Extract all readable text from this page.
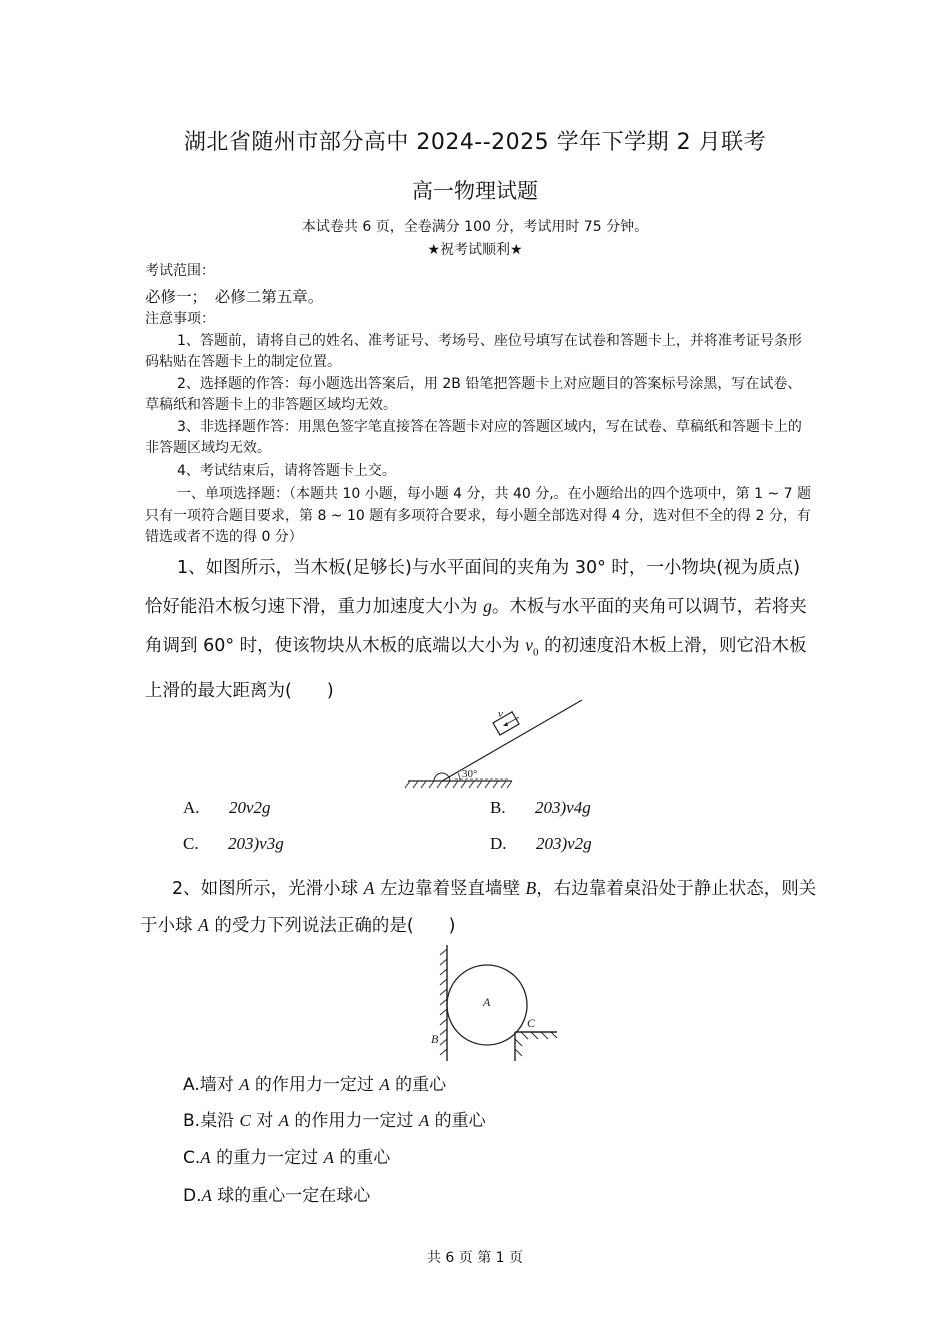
湖北省随州市部分高中 2024--2025 学年下学期 2 月联考
高一物理试题
本试卷共 6 页，全卷满分 100 分，考试用时 75 分钟。
★祝考试顺利★
考试范围：
必修一；　必修二第五章。
注意事项：
1、答题前，请将自己的姓名、准考证号、考场号、座位号填写在试卷和答题卡上，并将准考证号条形码粘贴在答题卡上的制定位置。
2、选择题的作答：每小题选出答案后，用 2B 铅笔把答题卡上对应题目的答案标号涂黑，写在试卷、草稿纸和答题卡上的非答题区域均无效。
3、非选择题作答：用黑色签字笔直接答在答题卡对应的答题区域内，写在试卷、草稿纸和答题卡上的非答题区域均无效。
4、考试结束后，请将答题卡上交。
一、单项选择题：（本题共 10 小题，每小题 4 分，共 40 分,。在小题给出的四个选项中，第 1 ~ 7 题只有一项符合题目要求，第 8 ~ 10 题有多项符合要求，每小题全部选对得 4 分，选对但不全的得 2 分，有错选或者不选的得 0 分）
1、如图所示，当木板(足够长)与水平面间的夹角为 30° 时，一小物块(视为质点)恰好能沿木板匀速下滑，重力加速度大小为 g。木板与水平面的夹角可以调节，若将夹角调到 60° 时，使该物块从木板的底端以大小为 $v_0$ 的初速度沿木板上滑，则它沿木板上滑的最大距离为(　　)
30°
v
A. 20v2g	B. 203)v4g
C. 203)v3g	D. 203)v2g
2、如图所示，光滑小球 A 左边靠着竖直墙壁 B，右边靠着桌沿处于静止状态，则关于小球 A 的受力下列说法正确的是(　　)
A
B
C
A.墙对 A 的作用力一定过 A 的重心
B.桌沿 C 对 A 的作用力一定过 A 的重心
C.A 的重力一定过 A 的重心
D.A 球的重心一定在球心
共 6 页 第 1 页
